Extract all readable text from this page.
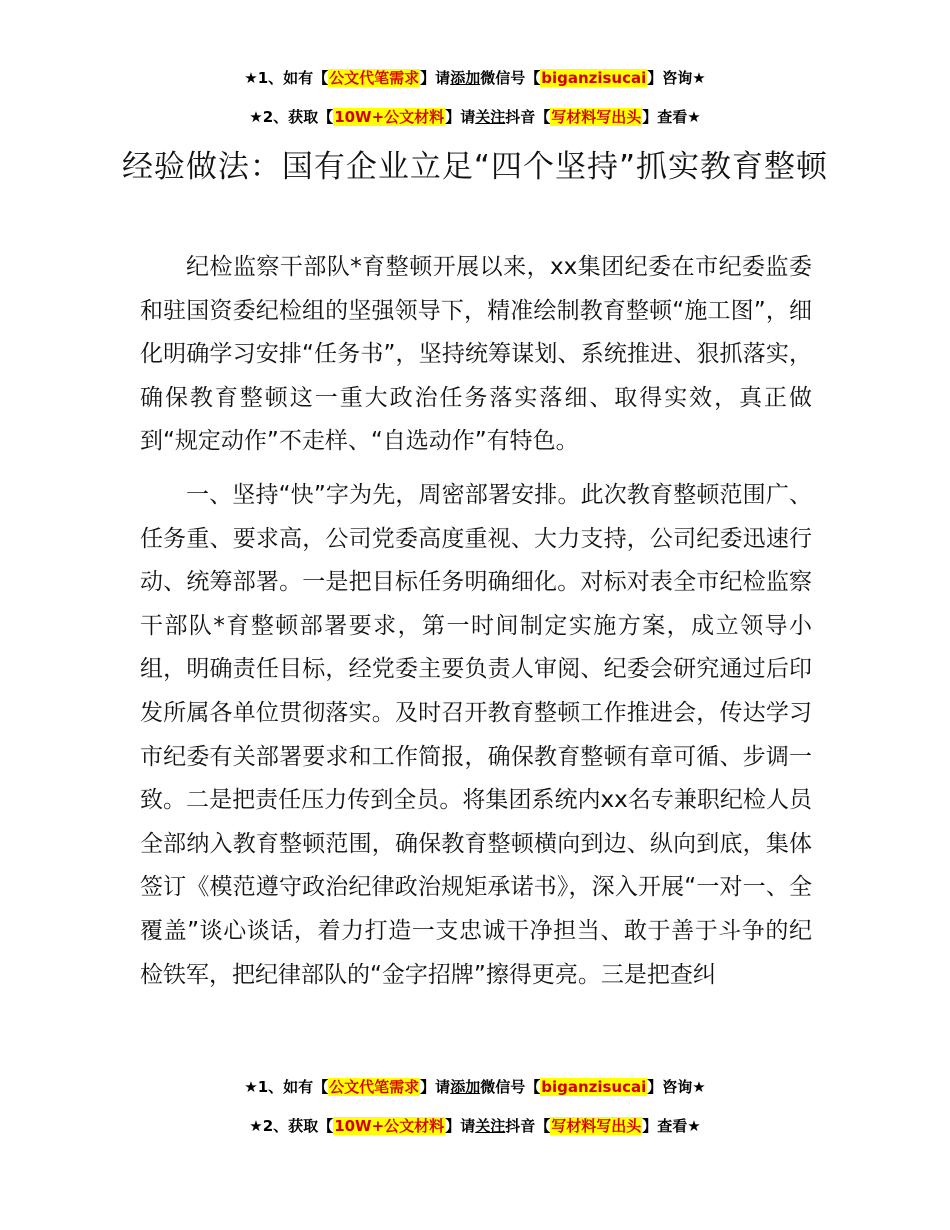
★1、如有【公文代笔需求】请添加微信号【biganzisucai】咨询★
★2、获取【10W+公文材料】请关注抖音【写材料写出头】查看★
经验做法：国有企业立足“四个坚持”抓实教育整顿

纪检监察干部队*育整顿开展以来，xx集团纪委在市纪委监委和驻国资委纪检组的坚强领导下，精准绘制教育整顿“施工图”，细化明确学习安排“任务书”，坚持统筹谋划、系统推进、狠抓落实，确保教育整顿这一重大政治任务落实落细、取得实效，真正做到“规定动作”不走样、“自选动作”有特色。

一、坚持“快”字为先，周密部署安排。此次教育整顿范围广、任务重、要求高，公司党委高度重视、大力支持，公司纪委迅速行动、统筹部署。一是把目标任务明确细化。对标对表全市纪检监察干部队*育整顿部署要求，第一时间制定实施方案，成立领导小组，明确责任目标，经党委主要负责人审阅、纪委会研究通过后印发所属各单位贯彻落实。及时召开教育整顿工作推进会，传达学习市纪委有关部署要求和工作简报，确保教育整顿有章可循、步调一致。二是把责任压力传到全员。将集团系统内xx名专兼职纪检人员全部纳入教育整顿范围，确保教育整顿横向到边、纵向到底，集体签订《模范遵守政治纪律政治规矩承诺书》，深入开展“一对一、全覆盖”谈心谈话，着力打造一支忠诚干净担当、敢于善于斗争的纪检铁军，把纪律部队的“金字招牌”擦得更亮。三是把查纠

★1、如有【公文代笔需求】请添加微信号【biganzisucai】咨询★
★2、获取【10W+公文材料】请关注抖音【写材料写出头】查看★
